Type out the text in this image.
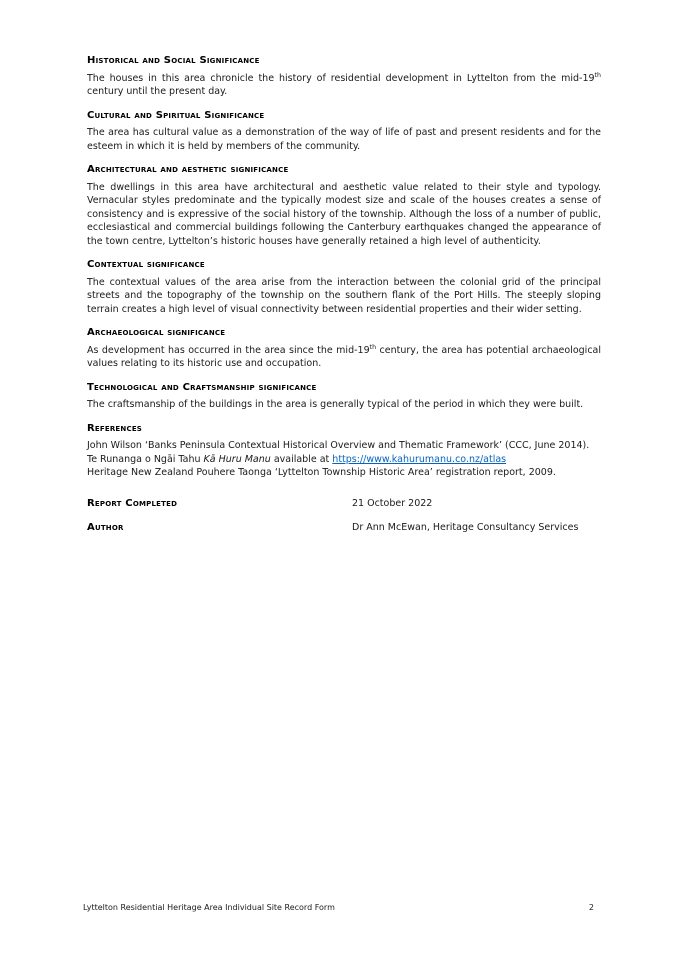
Historical and Social Significance

The houses in this area chronicle the history of residential development in Lyttelton from the mid-19th century until the present day.

Cultural and Spiritual Significance

The area has cultural value as a demonstration of the way of life of past and present residents and for the esteem in which it is held by members of the community.

Architectural and aesthetic significance

The dwellings in this area have architectural and aesthetic value related to their style and typology. Vernacular styles predominate and the typically modest size and scale of the houses creates a sense of consistency and is expressive of the social history of the township. Although the loss of a number of public, ecclesiastical and commercial buildings following the Canterbury earthquakes changed the appearance of the town centre, Lyttelton’s historic houses have generally retained a high level of authenticity.

Contextual significance

The contextual values of the area arise from the interaction between the colonial grid of the principal streets and the topography of the township on the southern flank of the Port Hills. The steeply sloping terrain creates a high level of visual connectivity between residential properties and their wider setting.

Archaeological significance

As development has occurred in the area since the mid-19th century, the area has potential archaeological values relating to its historic use and occupation.

Technological and Craftsmanship significance

The craftsmanship of the buildings in the area is generally typical of the period in which they were built.

References

John Wilson ‘Banks Peninsula Contextual Historical Overview and Thematic Framework’ (CCC, June 2014).

Te Runanga o Ngāi Tahu Kā Huru Manu available at https://www.kahurumanu.co.nz/atlas

Heritage New Zealand Pouhere Taonga ‘Lyttelton Township Historic Area’ registration report, 2009.

Report Completed	21 October 2022
Author	Dr Ann McEwan, Heritage Consultancy Services
Lyttelton Residential Heritage Area Individual Site Record Form	2
